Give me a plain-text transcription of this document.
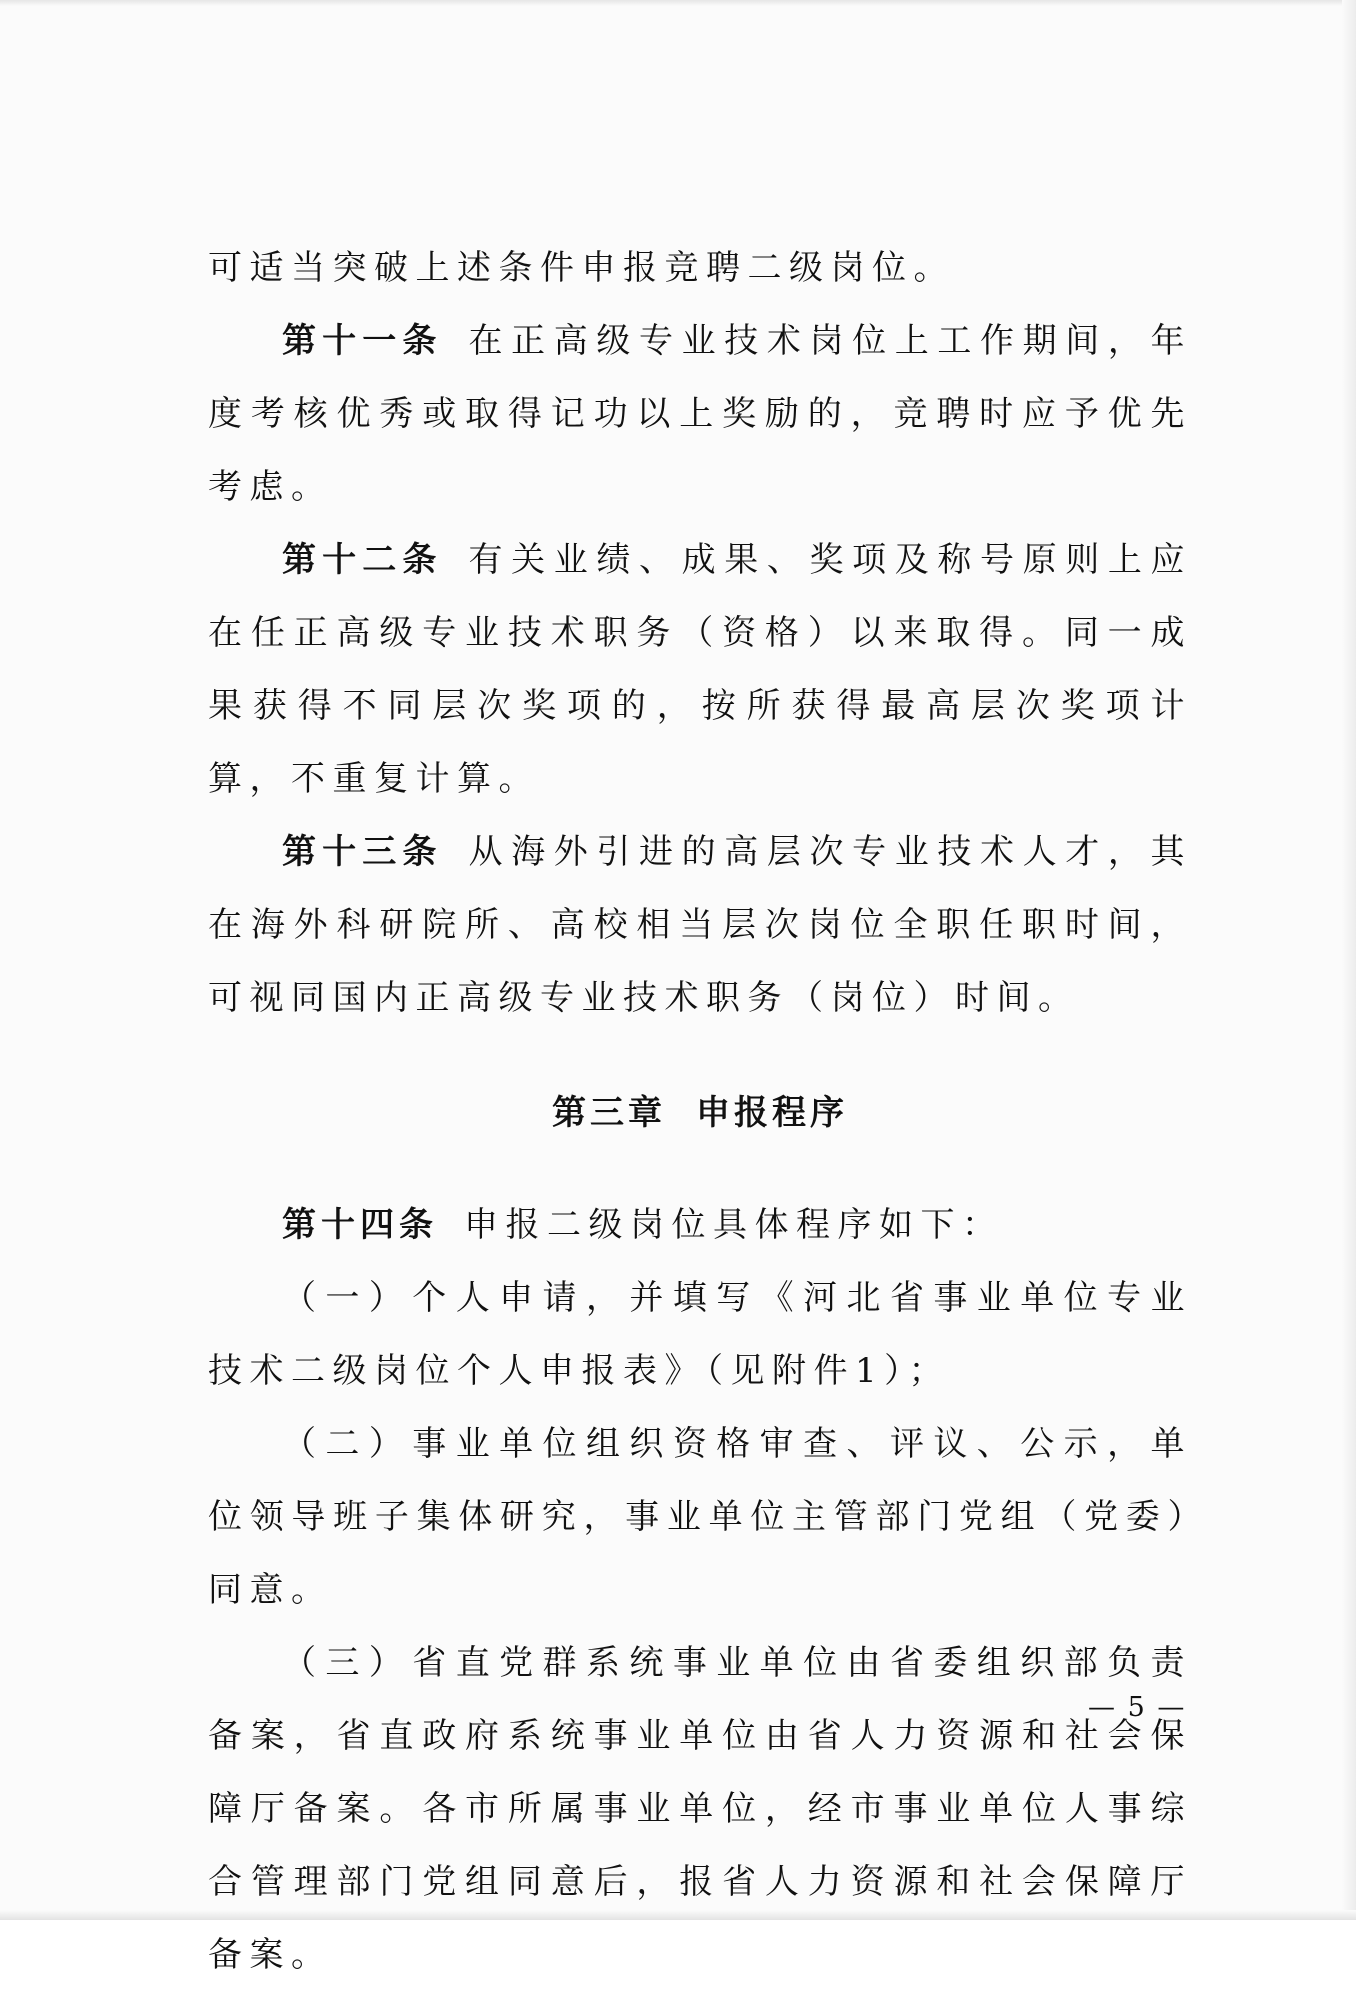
可适当突破上述条件申报竞聘二级岗位。

第十一条 在正高级专业技术岗位上工作期间，年度考核优秀或取得记功以上奖励的，竞聘时应予优先考虑。

第十二条 有关业绩、成果、奖项及称号原则上应在任正高级专业技术职务（资格）以来取得。同一成果获得不同层次奖项的，按所获得最高层次奖项计算，不重复计算。

第十三条 从海外引进的高层次专业技术人才，其在海外科研院所、高校相当层次岗位全职任职时间，可视同国内正高级专业技术职务（岗位）时间。

第三章 申报程序

第十四条 申报二级岗位具体程序如下：

（一）个人申请，并填写《河北省事业单位专业技术二级岗位个人申报表》（见附件1）；

（二）事业单位组织资格审查、评议、公示，单位领导班子集体研究，事业单位主管部门党组（党委）同意。

（三）省直党群系统事业单位由省委组织部负责备案，省直政府系统事业单位由省人力资源和社会保障厅备案。各市所属事业单位，经市事业单位人事综合管理部门党组同意后，报省人力资源和社会保障厅备案。

— 5 —
